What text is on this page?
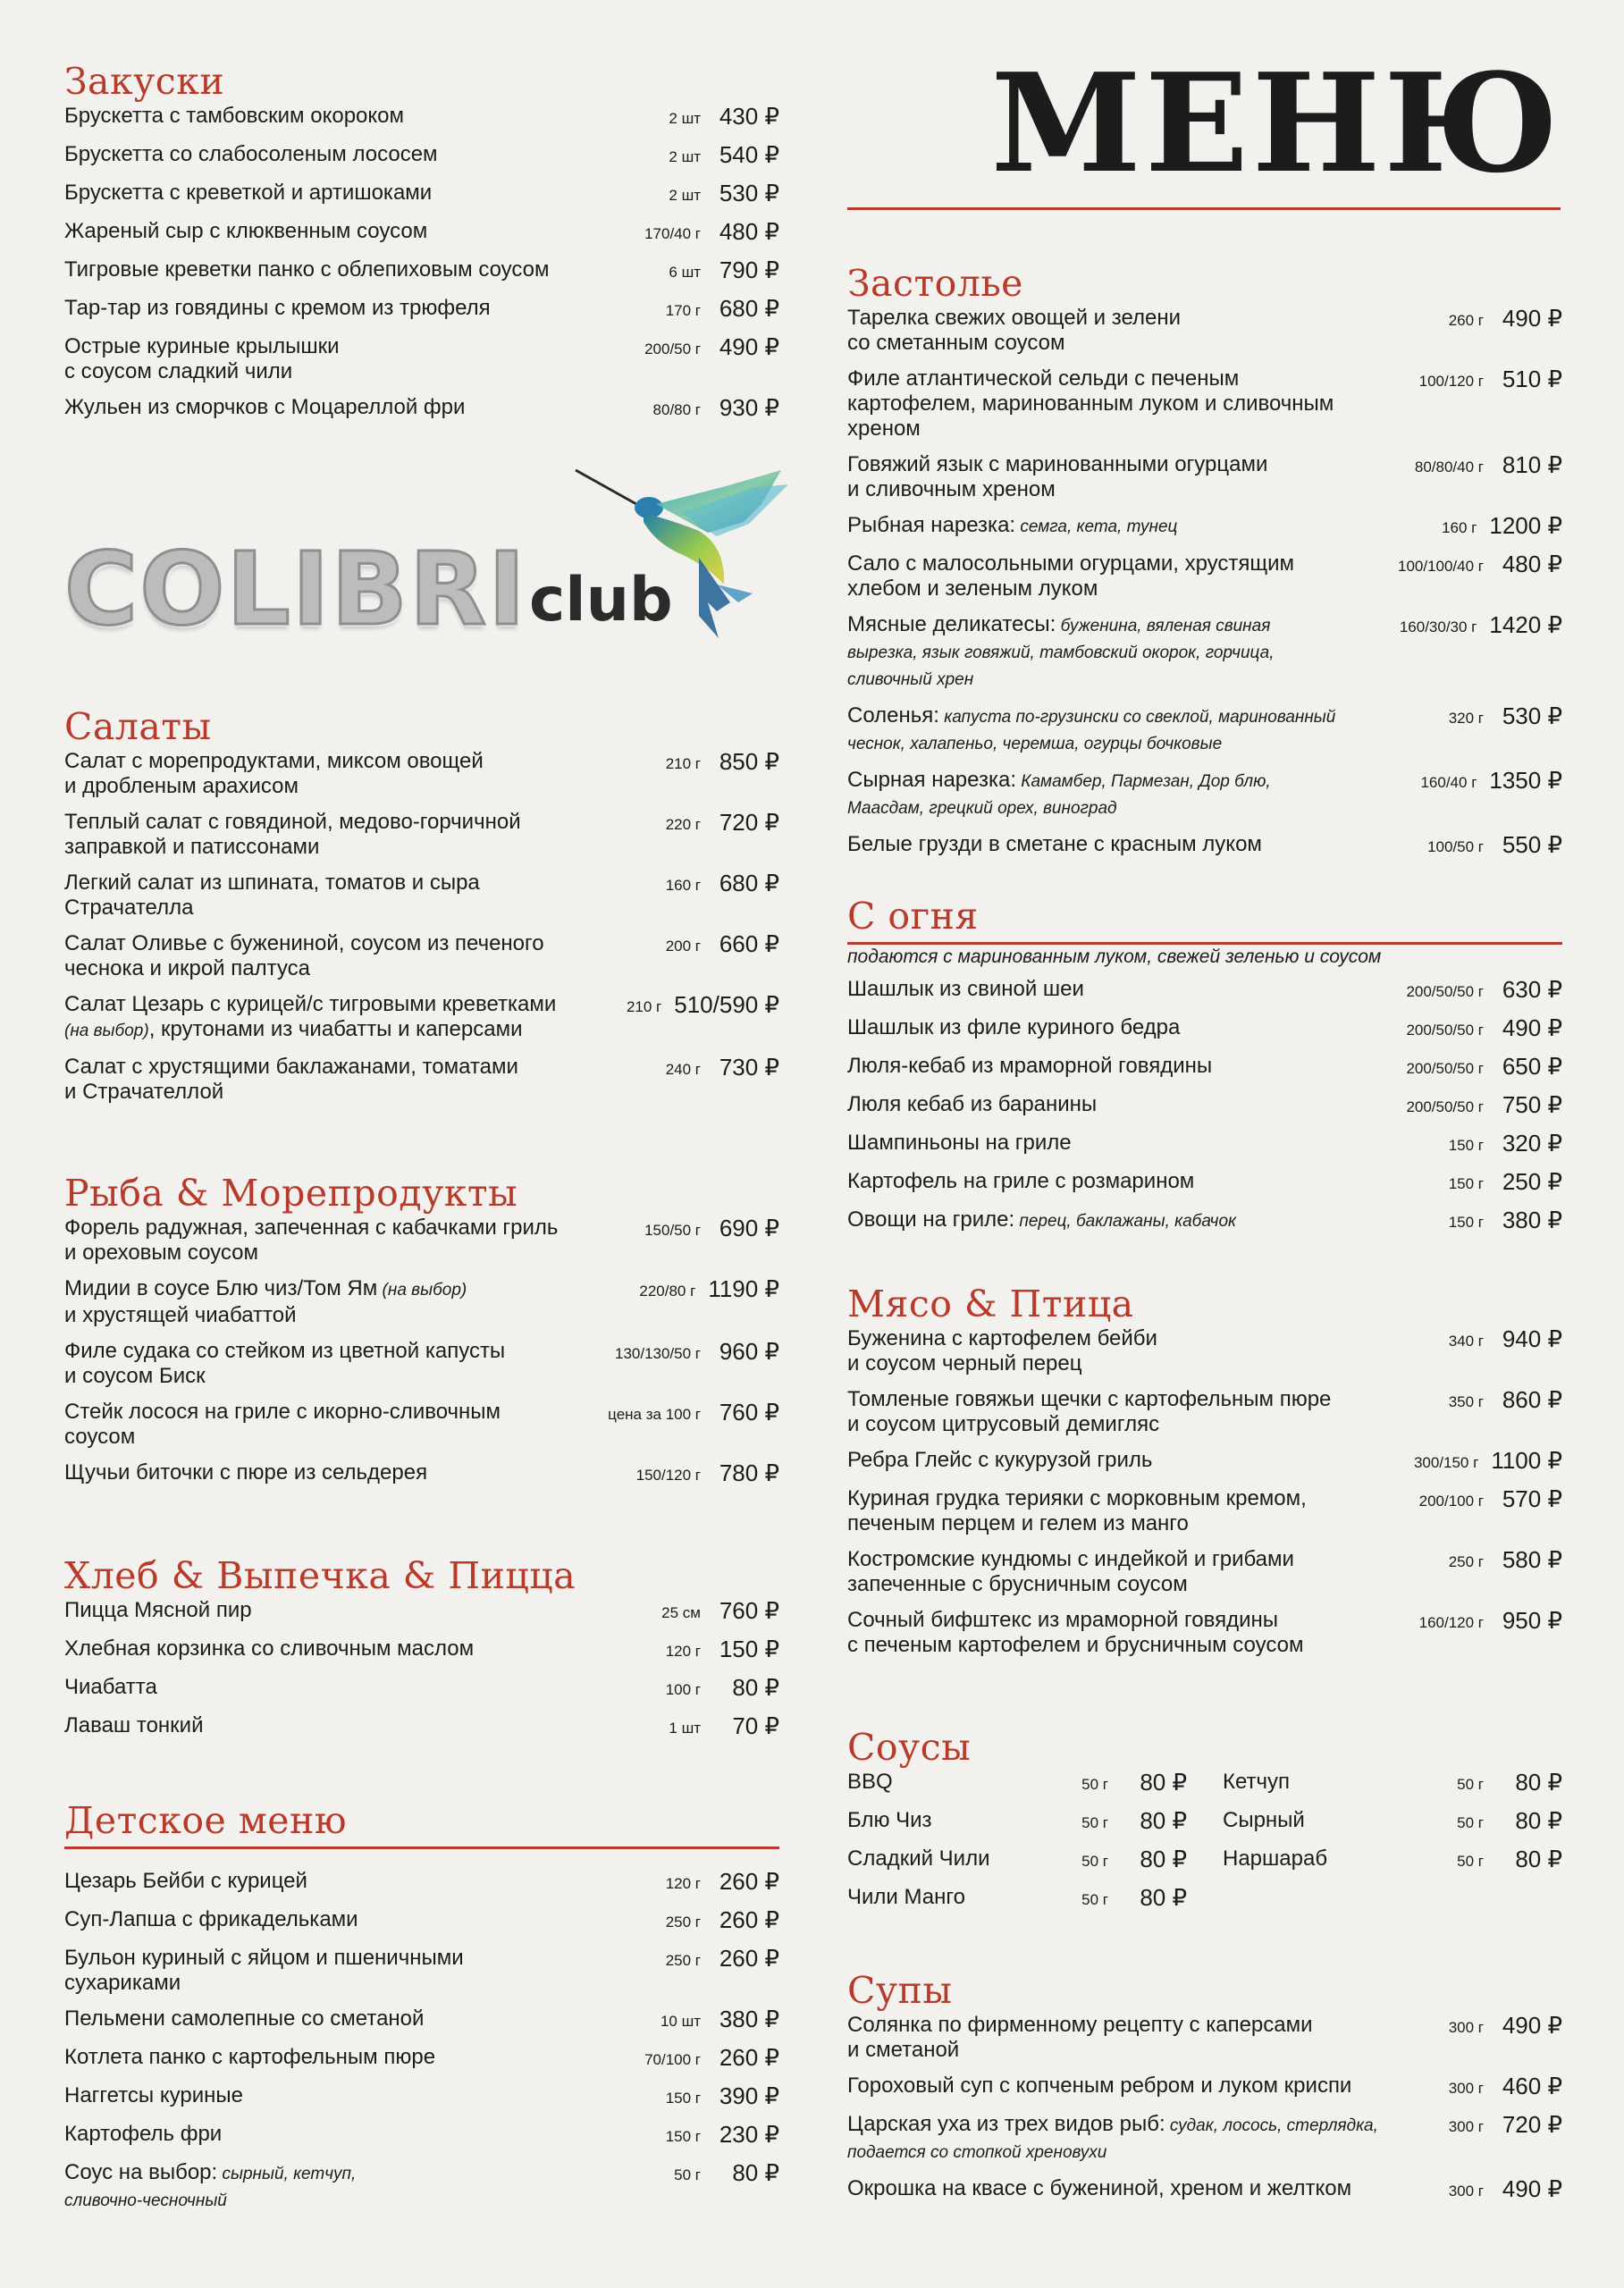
МЕНЮ
COLIBRI club
Закуски
Брускетта с тамбовским окороком	2 шт 430 ₽
Брускетта со слабосоленым лососем	2 шт 540 ₽
Брускетта с креветкой и артишоками	2 шт 530 ₽
Жареный сыр с клюквенным соусом	170/40 г 480 ₽
Тигровые креветки панко с облепиховым соусом	6 шт 790 ₽
Тар-тар из говядины с кремом из трюфеля	170 г 680 ₽
Острые куриные крылышки
с соусом сладкий чили
200/50 г 490 ₽
Жульен из сморчков с Моцареллой фри	80/80 г 930 ₽
Салаты
Салат с морепродуктами, миксом овощей
и дробленым арахисом
210 г 850 ₽
Теплый салат с говядиной, медово-горчичной
заправкой и патиссонами
220 г 720 ₽
Легкий салат из шпината, томатов и сыра
Страчателла
160 г 680 ₽
Салат Оливье с бужениной, соусом из печеного
чеснока и икрой палтуса
200 г 660 ₽
Салат Цезарь с курицей/с тигровыми креветками
(на выбор), крутонами из чиабатты и каперсами
210 г 510/590 ₽
Салат с хрустящими баклажанами, томатами
и Страчателлой
240 г 730 ₽
Рыба & Морепродукты
Форель радужная, запеченная с кабачками гриль
и ореховым соусом
150/50 г 690 ₽
Мидии в соусе Блю чиз/Том Ям (на выбор)
и хрустящей чиабаттой
220/80 г 1190 ₽
Филе судака со стейком из цветной капусты
и соусом Биск
130/130/50 г 960 ₽
Стейк лосося на гриле с икорно-сливочным
соусом
цена за 100 г 760 ₽
Щучьи биточки с пюре из сельдерея	150/120 г 780 ₽
Хлеб & Выпечка & Пицца
Пицца Мясной пир	25 см 760 ₽
Хлебная корзинка со сливочным маслом	120 г 150 ₽
Чиабатта	100 г	80 ₽
Лаваш тонкий	1 шт	70 ₽
Детское меню
Цезарь Бейби с курицей	120 г 260 ₽
Суп-Лапша с фрикадельками	250 г 260 ₽
Бульон куриный с яйцом и пшеничными
сухариками
250 г 260 ₽
Пельмени самолепные со сметаной	10 шт 380 ₽
Котлета панко с картофельным пюре	70/100 г 260 ₽
Наггетсы куриные	150 г 390 ₽
Картофель фри	150 г 230 ₽
Соус на выбор: сырный, кетчуп,
сливочно-чесночный
50 г	80 ₽
Застолье
Тарелка свежих овощей и зелени
со сметанным соусом
260 г 490 ₽
Филе атлантической сельди с печеным
картофелем, маринованным луком и сливочным
хреном
100/120 г 510 ₽
Говяжий язык с маринованными огурцами
и сливочным хреном
80/80/40 г 810 ₽
Рыбная нарезка: семга, кета, тунец	160 г 1200 ₽
Сало с малосольными огурцами, хрустящим
хлебом и зеленым луком
100/100/40 г 480 ₽
Мясные деликатесы: буженина, вяленая свиная
вырезка, язык говяжий, тамбовский окорок, горчица,
сливочный хрен
160/30/30 г 1420 ₽
Соленья: капуста по-грузински со свеклой, маринованный
чеснок, халапеньо, черемша, огурцы бочковые
320 г 530 ₽
Сырная нарезка: Камамбер, Пармезан, Дор блю,
Маасдам, грецкий орех, виноград
160/40 г 1350 ₽
Белые грузди в сметане с красным луком	100/50 г 550 ₽
С огня

подаются с маринованным луком, свежей зеленью и соусом

Шашлык из свиной шеи	200/50/50 г 630 ₽
Шашлык из филе куриного бедра	200/50/50 г 490 ₽
Люля-кебаб из мраморной говядины	200/50/50 г 650 ₽
Люля кебаб из баранины	200/50/50 г 750 ₽
Шампиньоны на гриле	150 г 320 ₽
Картофель на гриле с розмарином	150 г 250 ₽
Овощи на гриле: перец, баклажаны, кабачок	150 г 380 ₽
Мясо & Птица
Буженина с картофелем бейби
и соусом черный перец
340 г 940 ₽
Томленые говяжьи щечки с картофельным пюре
и соусом цитрусовый демигляс
350 г 860 ₽
Ребра Глейс с кукурузой гриль	300/150 г 1100 ₽
Куриная грудка терияки с морковным кремом,
печеным перцем и гелем из манго
200/100 г 570 ₽
Костромские кундюмы с индейкой и грибами
запеченные с брусничным соусом
250 г 580 ₽
Сочный бифштекс из мраморной говядины
с печеным картофелем и брусничным соусом
160/120 г 950 ₽
Соусы
BBQ	50 г	80 ₽ Кетчуп	50 г	80 ₽
Блю Чиз	50 г	80 ₽ Сырный	50 г	80 ₽
Сладкий Чили	50 г	80 ₽ Наршараб	50 г	80 ₽
Чили Манго	50 г	80 ₽
Супы
Солянка по фирменному рецепту с каперсами
и сметаной
300 г 490 ₽
Гороховый суп с копченым ребром и луком криспи	300 г 460 ₽
Царская уха из трех видов рыб: судак, лосось, стерлядка,
подается со стопкой хреновухи
300 г 720 ₽
Окрошка на квасе с бужениной, хреном и желтком	300 г 490 ₽
